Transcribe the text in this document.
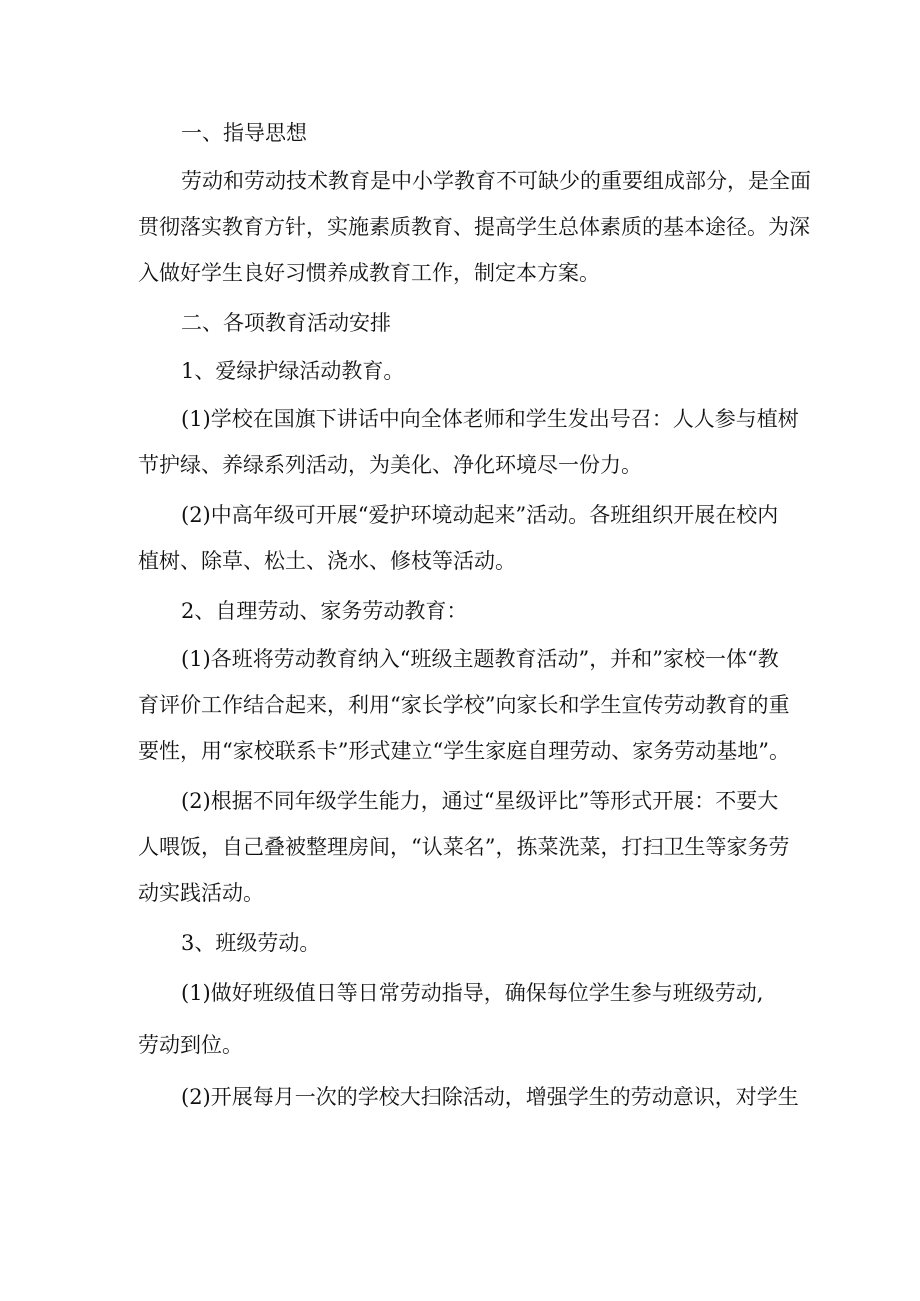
一、指导思想
劳动和劳动技术教育是中小学教育不可缺少的重要组成部分，是全面
贯彻落实教育方针，实施素质教育、提高学生总体素质的基本途径。为深
入做好学生良好习惯养成教育工作，制定本方案。
二、各项教育活动安排
1、爱绿护绿活动教育。
(1)学校在国旗下讲话中向全体老师和学生发出号召：人人参与植树
节护绿、养绿系列活动，为美化、净化环境尽一份力。
(2)中高年级可开展“爱护环境动起来”活动。各班组织开展在校内
植树、除草、松土、浇水、修枝等活动。
2、自理劳动、家务劳动教育：
(1)各班将劳动教育纳入“班级主题教育活动”，并和”家校一体“教
育评价工作结合起来，利用“家长学校”向家长和学生宣传劳动教育的重
要性，用“家校联系卡”形式建立“学生家庭自理劳动、家务劳动基地”。
(2)根据不同年级学生能力，通过“星级评比”等形式开展：不要大
人喂饭，自己叠被整理房间，“认菜名”，拣菜洗菜，打扫卫生等家务劳
动实践活动。
3、班级劳动。
(1)做好班级值日等日常劳动指导，确保每位学生参与班级劳动,
劳动到位。
(2)开展每月一次的学校大扫除活动，增强学生的劳动意识，对学生
